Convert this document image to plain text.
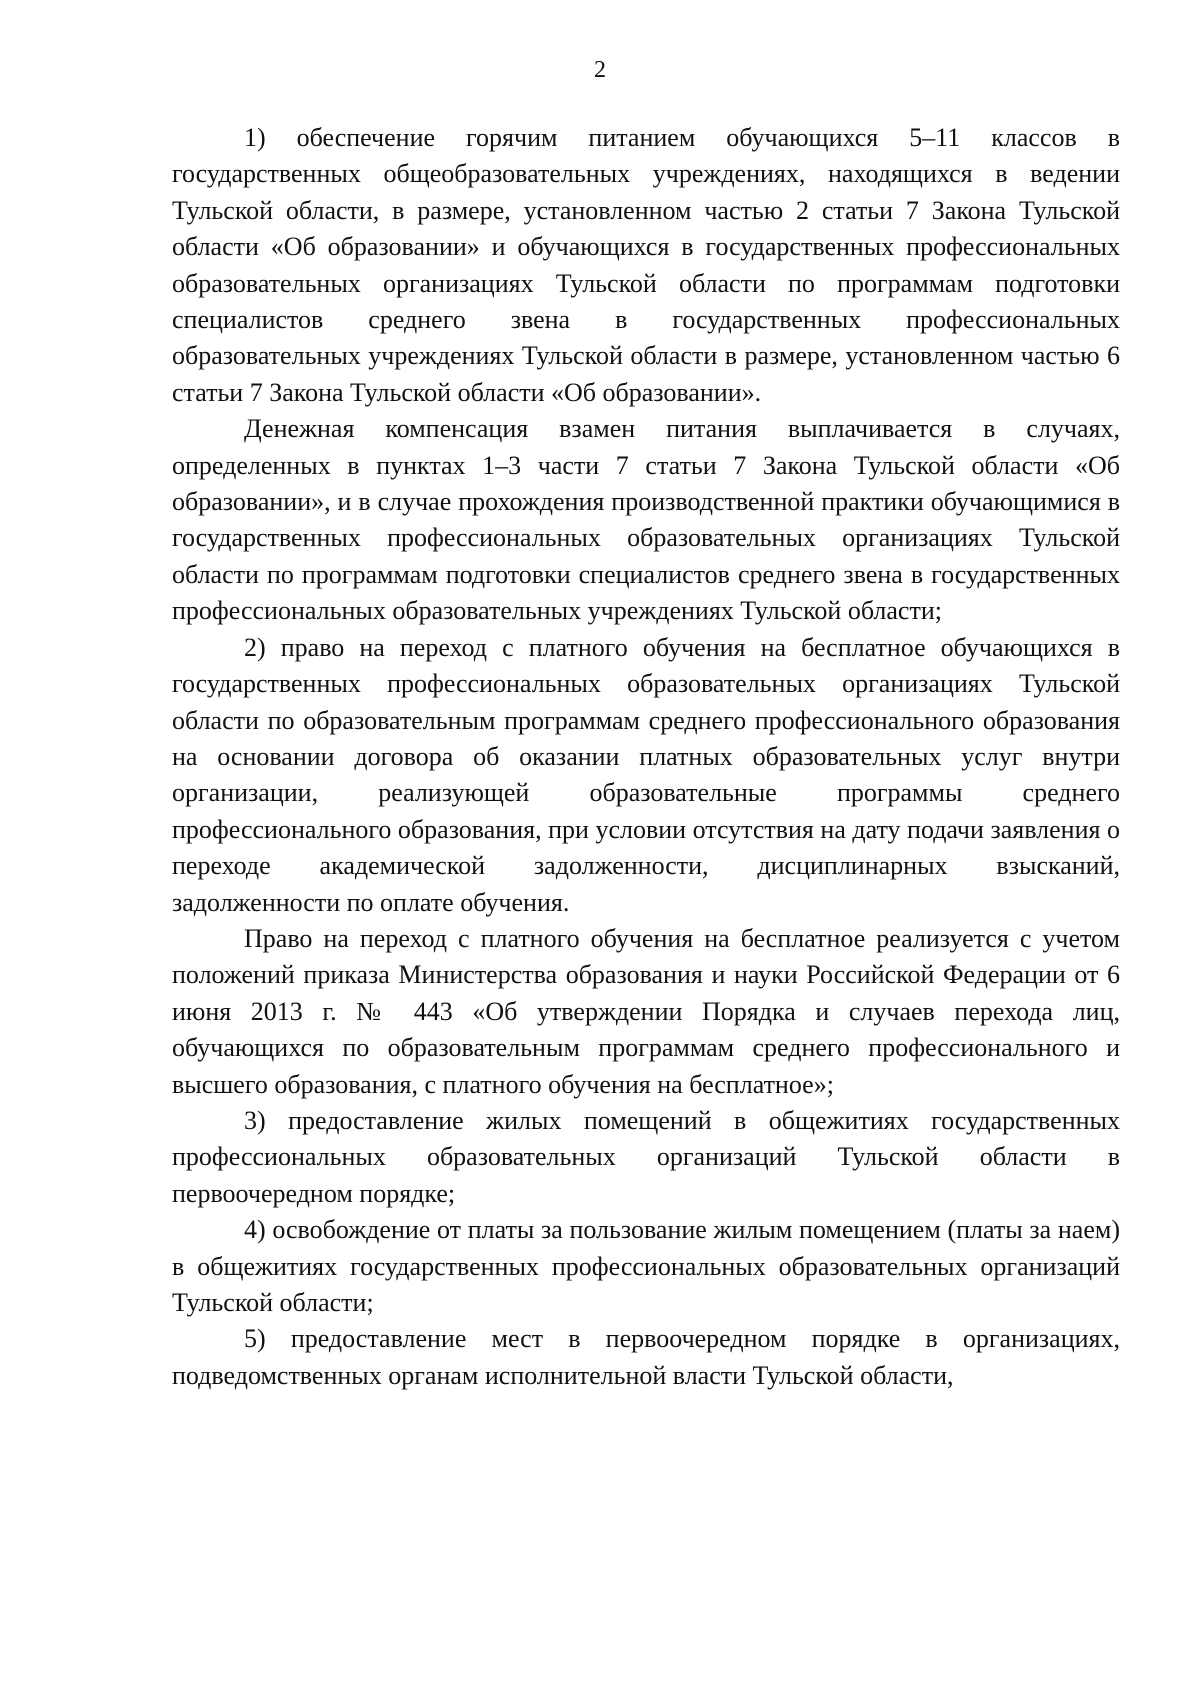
2

1) обеспечение горячим питанием обучающихся 5–11 классов в государственных общеобразовательных учреждениях, находящихся в ведении Тульской области, в размере, установленном частью 2 статьи 7 Закона Тульской области «Об образовании» и обучающихся в государственных профессиональных образовательных организациях Тульской области по программам подготовки специалистов среднего звена в государственных профессиональных образовательных учреждениях Тульской области в размере, установленном частью 6 статьи 7 Закона Тульской области «Об образовании».

Денежная компенсация взамен питания выплачивается в случаях, определенных в пунктах 1–3 части 7 статьи 7 Закона Тульской области «Об образовании», и в случае прохождения производственной практики обучающимися в государственных профессиональных образовательных организациях Тульской области по программам подготовки специалистов среднего звена в государственных профессиональных образовательных учреждениях Тульской области;

2) право на переход с платного обучения на бесплатное обучающихся в государственных профессиональных образовательных организациях Тульской области по образовательным программам среднего профессионального образования на основании договора об оказании платных образовательных услуг внутри организации, реализующей образовательные программы среднего профессионального образования, при условии отсутствия на дату подачи заявления о переходе академической задолженности, дисциплинарных взысканий, задолженности по оплате обучения.

Право на переход с платного обучения на бесплатное реализуется с учетом положений приказа Министерства образования и науки Российской Федерации от 6 июня 2013 г. № 443 «Об утверждении Порядка и случаев перехода лиц, обучающихся по образовательным программам среднего профессионального и высшего образования, с платного обучения на бесплатное»;

3) предоставление жилых помещений в общежитиях государственных профессиональных образовательных организаций Тульской области в первоочередном порядке;

4) освобождение от платы за пользование жилым помещением (платы за наем) в общежитиях государственных профессиональных образовательных организаций Тульской области;

5) предоставление мест в первоочередном порядке в организациях, подведомственных органам исполнительной власти Тульской области,
